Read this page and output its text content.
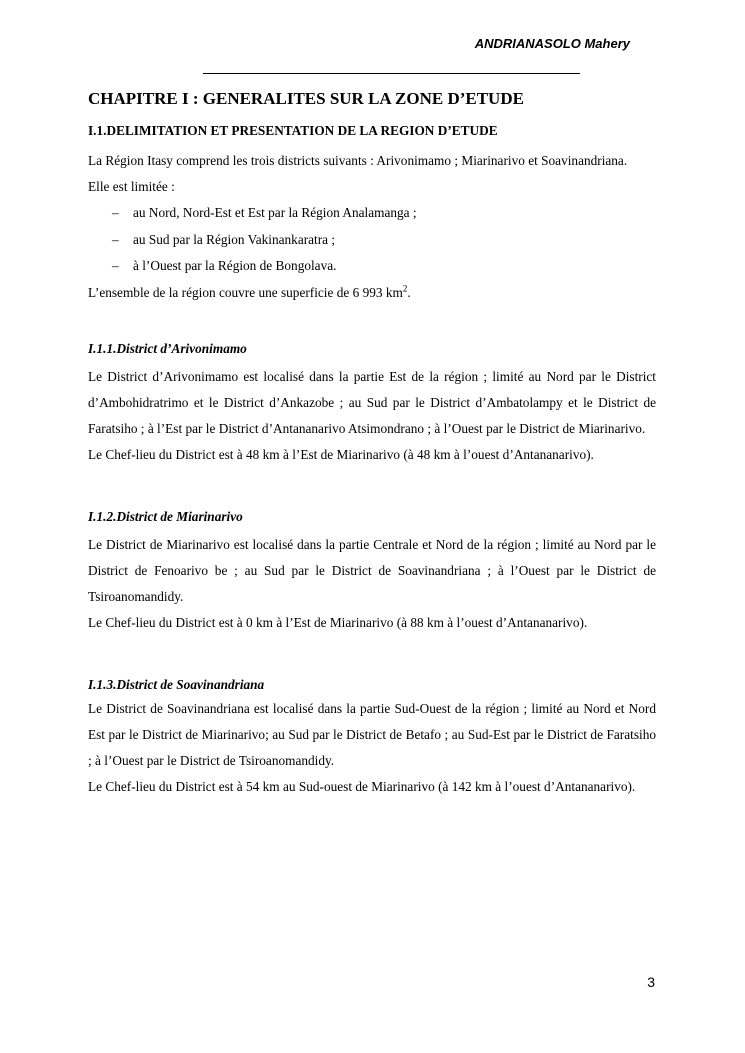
ANDRIANASOLO Mahery
CHAPITRE I : GENERALITES SUR LA ZONE D’ETUDE
I.1.DELIMITATION ET PRESENTATION DE LA REGION D’ETUDE

La Région Itasy comprend les trois districts suivants : Arivonimamo ; Miarinarivo et Soavinandriana.

Elle est limitée :

– au Nord, Nord-Est et Est par la Région Analamanga ;
– au Sud par la Région Vakinankaratra ;
– à l’Ouest par la Région de Bongolava.

L’ensemble de la région couvre une superficie de 6 993 $km^2$.

I.1.1.District d’Arivonimamo

Le District d’Arivonimamo est localisé dans la partie Est de la région ; limité au Nord par le District d’Ambohidratrimo et le District d’Ankazobe ; au Sud par le District d’Ambatolampy et le District de Faratsiho ; à l’Est par le District d’Antananarivo Atsimondrano ; à l’Ouest par le District de Miarinarivo.

Le Chef-lieu du District est à 48 km à l’Est de Miarinarivo (à 48 km à l’ouest d’Antananarivo).

I.1.2.District de Miarinarivo

Le District de Miarinarivo est localisé dans la partie Centrale et Nord de la région ; limité au Nord par le District de Fenoarivo be ; au Sud par le District de Soavinandriana ; à l’Ouest par le District de Tsiroanomandidy.

Le Chef-lieu du District est à 0 km à l’Est de Miarinarivo (à 88 km à l’ouest d’Antananarivo).

I.1.3.District de Soavinandriana

Le District de Soavinandriana est localisé dans la partie Sud-Ouest de la région ; limité au Nord et Nord Est par le District de Miarinarivo; au Sud par le District de Betafo ; au Sud-Est par le District de Faratsiho ; à l’Ouest par le District de Tsiroanomandidy.

Le Chef-lieu du District est à 54 km au Sud-ouest de Miarinarivo (à 142 km à l’ouest d’Antananarivo).

3
